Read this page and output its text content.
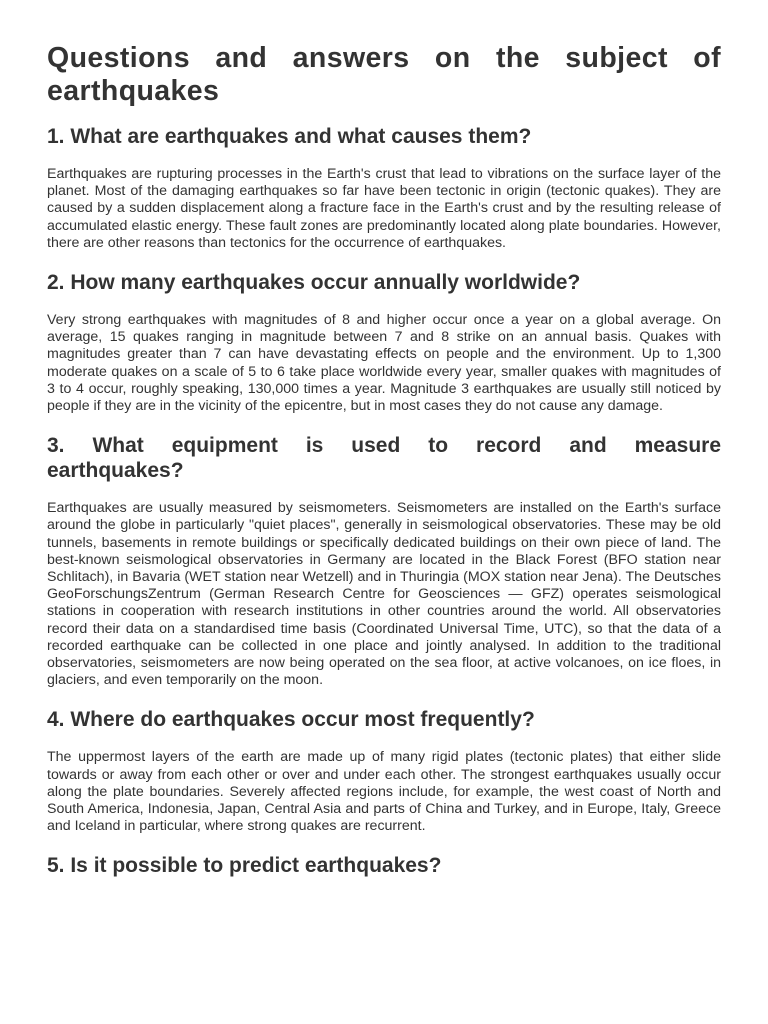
Questions and answers on the subject of earthquakes
1. What are earthquakes and what causes them?

Earthquakes are rupturing processes in the Earth's crust that lead to vibrations on the surface layer of the planet. Most of the damaging earthquakes so far have been tectonic in origin (tectonic quakes). They are caused by a sudden displacement along a fracture face in the Earth's crust and by the resulting release of accumulated elastic energy. These fault zones are predominantly located along plate boundaries. However, there are other reasons than tectonics for the occurrence of earthquakes.

2. How many earthquakes occur annually worldwide?

Very strong earthquakes with magnitudes of 8 and higher occur once a year on a global average. On average, 15 quakes ranging in magnitude between 7 and 8 strike on an annual basis. Quakes with magnitudes greater than 7 can have devastating effects on people and the environment. Up to 1,300 moderate quakes on a scale of 5 to 6 take place worldwide every year, smaller quakes with magnitudes of 3 to 4 occur, roughly speaking, 130,000 times a year. Magnitude 3 earthquakes are usually still noticed by people if they are in the vicinity of the epicentre, but in most cases they do not cause any damage.

3. What equipment is used to record and measure earthquakes?

Earthquakes are usually measured by seismometers. Seismometers are installed on the Earth's surface around the globe in particularly "quiet places", generally in seismological observatories. These may be old tunnels, basements in remote buildings or specifically dedicated buildings on their own piece of land. The best-known seismological observatories in Germany are located in the Black Forest (BFO station near Schlitach), in Bavaria (WET station near Wetzell) and in Thuringia (MOX station near Jena). The Deutsches GeoForschungsZentrum (German Research Centre for Geosciences — GFZ) operates seismological stations in cooperation with research institutions in other countries around the world. All observatories record their data on a standardised time basis (Coordinated Universal Time, UTC), so that the data of a recorded earthquake can be collected in one place and jointly analysed. In addition to the traditional observatories, seismometers are now being operated on the sea floor, at active volcanoes, on ice floes, in glaciers, and even temporarily on the moon.

4. Where do earthquakes occur most frequently?

The uppermost layers of the earth are made up of many rigid plates (tectonic plates) that either slide towards or away from each other or over and under each other. The strongest earthquakes usually occur along the plate boundaries. Severely affected regions include, for example, the west coast of North and South America, Indonesia, Japan, Central Asia and parts of China and Turkey, and in Europe, Italy, Greece and Iceland in particular, where strong quakes are recurrent.

5. Is it possible to predict earthquakes?
